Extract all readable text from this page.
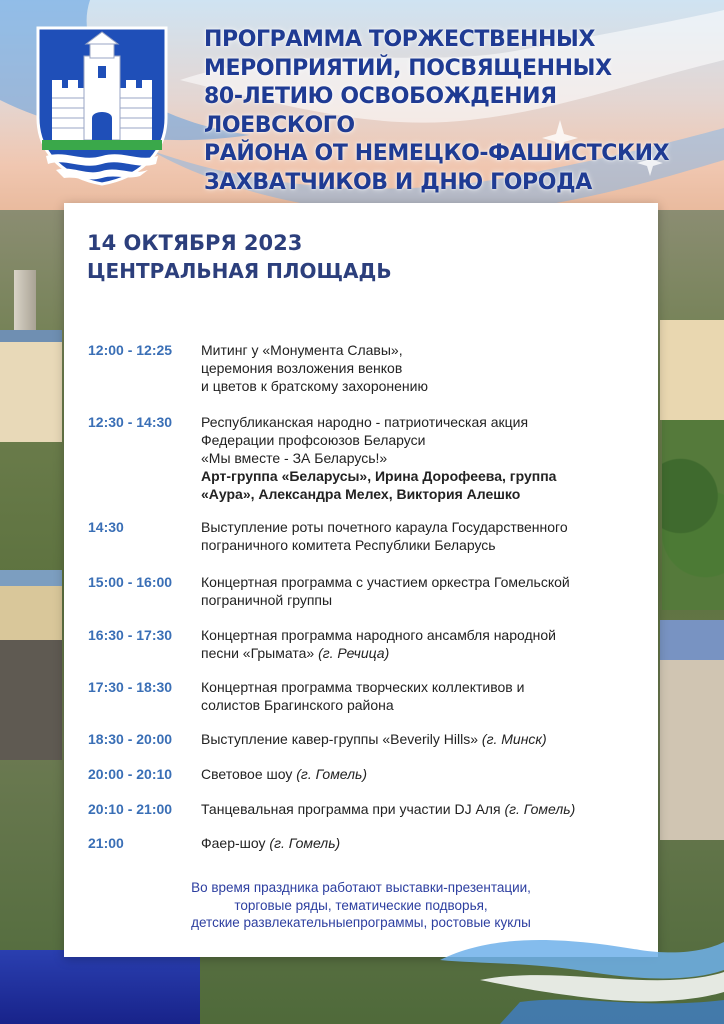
ПРОГРАММА ТОРЖЕСТВЕННЫХ
МЕРОПРИЯТИЙ, ПОСВЯЩЕННЫХ
80-ЛЕТИЮ ОСВОБОЖДЕНИЯ ЛОЕВСКОГО
РАЙОНА ОТ НЕМЕЦКО-ФАШИСТСКИХ
ЗАХВАТЧИКОВ И ДНЮ ГОРОДА
14 ОКТЯБРЯ 2023
ЦЕНТРАЛЬНАЯ ПЛОЩАДЬ
12:00 - 12:25	Митинг у «Монумента Славы»,
церемония возложения венков
и цветов к братскому захоронению
12:30 - 14:30	Республиканская народно - патриотическая акция
Федерации профсоюзов Беларуси
«Мы вместе - ЗА Беларусь!»
Арт-группа «Беларусы», Ирина Дорофеева, группа
«Аура», Александра Мелех, Виктория Алешко
14:30	Выступление роты почетного караула Государственного
пограничного комитета Республики Беларусь
15:00 - 16:00	Концертная программа с участием оркестра Гомельской
пограничной группы
16:30 - 17:30	Концертная программа народного ансамбля народной
песни «Грымата» (г. Речица)
17:30 - 18:30	Концертная программа творческих коллективов и
солистов Брагинского района
18:30 - 20:00	Выступление кавер-группы «Beverily Hills» (г. Минск)
20:00 - 20:10	Световое шоу (г. Гомель)
20:10 - 21:00	Танцевальная программа при участии DJ Аля (г. Гомель)
21:00	Фаер-шоу (г. Гомель)
Во время праздника работают выставки-презентации,
торговые ряды, тематические подворья,
детские развлекательныепрограммы, ростовые куклы
